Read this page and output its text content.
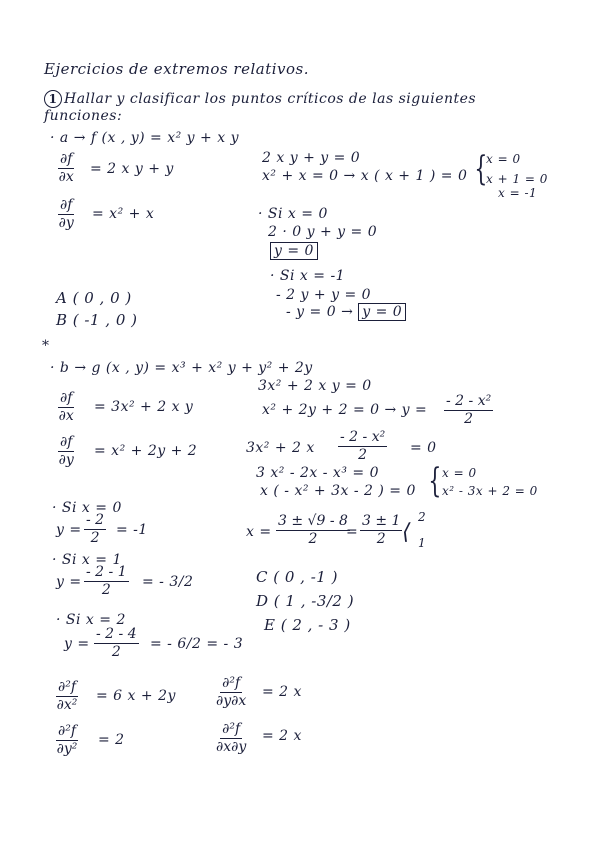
Ejercicios de extremos relativos.
1 Hallar y clasificar los puntos críticos de las siguientes
funciones:
· a → f (x , y) = x² y + x y
$\frac{\partial f}{\partial x} = 2$ x y + y
$\frac{\partial f}{\partial y} = x^2 + x$
2 x y + y = 0
x² + x = 0 → x ( x + 1 ) = 0 {
x = 0
x + 1 = 0
x = -1
· Si x = 0
2 · 0 y + y = 0
y = 0
· Si x = -1
- 2 y + y = 0
- y = 0 → y = 0
A ( 0 , 0 )
B ( -1 , 0 )
*
· b → g (x , y) = x³ + x² y + y² + 2y
$\frac{\partial f}{\partial x} = 3x^2 + 2$ x y
$\frac{\partial f}{\partial y} = x^2 + 2y + 2$
3x² + 2 x y = 0
$x^2 + 2y + 2 = 0 \to y = \frac{\text{- 2 - x²}}{2}$
3x² + 2 x $\frac{\text{- 2 - x²}}{2} = 0$
3 x² - 2x - x³ = 0
x ( - x² + 3x - 2 ) = 0 { x = 0
x² - 3x + 2 = 0
$x = \frac{3 \pm √9 - 8}{2}$
= $\frac{3 \pm 1}{2}$ ⟨
2
1
· Si x = 0
$y = \frac{- 2}{2} = -1$
· Si x = 1
$y = \frac{- 2 - 1}{2}$ = - 3/2
· Si x = 2
$y = \frac{- 2 - 4}{2}$ = - 6/2 = - 3
C ( 0 , -1 )
D ( 1 , -3/2 )
E ( 2 , - 3 )
$\frac{\text{∂²f}}{\text{∂x²}} = 6$ x + 2y
$\frac{\text{∂²f}}{\text{∂y²}} = 2$
$\frac{\text{∂²f}}{\partial y\partial x} = 2$ x
$\frac{\text{∂²f}}{\partial x\partial y} = 2$ x
